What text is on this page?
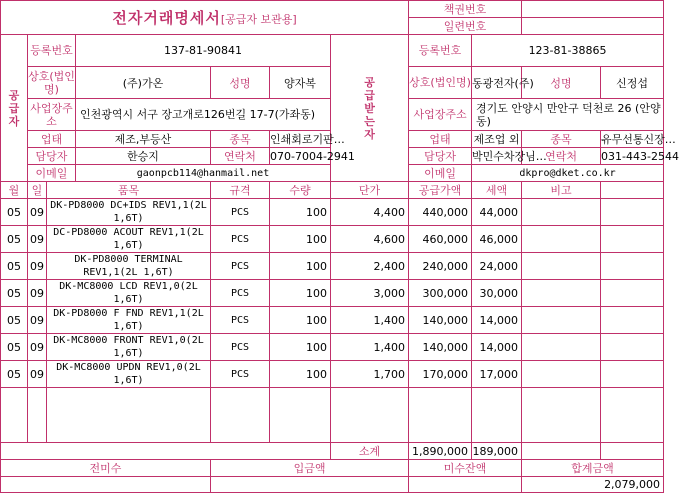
전자거래명세서[공급자 보관용]							책권번호			
							일련번호			
공급자	등록번호		137-81-90841			공급받는자	등록번호	123-81-38865		
	상호(법인명)		(주)가온	성명	양자복		상호(법인명)	동광전자(주)	성명	신정섭
	사업장주소		인천광역시 서구 장고개로126번길 17-7(가좌동)				사업장주소	경기도 안양시 만안구 덕천로 26 (안양동)		
	업태		제조,부등산	종목	인쇄회로기판…		업태	제조업 외	종목	유무선통신장…
	담당자		한승지	연락처	070-7004-2941		담당자	박민수차장님…	연락처	031-443-2544
	이메일		gaonpcb114@hanmail.net				이메일	dkpro@dket.co.kr		
월	일	품목		규격	수량	단가	공급가액	세액	비고	
05	09	DK-PD8000 DC+IDS REV1,1(2L 1,6T)		PCS	100	4,400	440,000	44,000		
05	09	DC-PD8000 ACOUT REV1,1(2L 1,6T)		PCS	100	4,600	460,000	46,000		
05	09	DK-PD8000 TERMINAL REV1,1(2L 1,6T)		PCS	100	2,400	240,000	24,000		
05	09	DK-MC8000 LCD REV1,0(2L 1,6T)		PCS	100	3,000	300,000	30,000		
05	09	DK-PD8000 F FND REV1,1(2L 1,6T)		PCS	100	1,400	140,000	14,000		
05	09	DK-MC8000 FRONT REV1,0(2L 1,6T)		PCS	100	1,400	140,000	14,000		
05	09	DK-MC8000 UPDN REV1,0(2L 1,6T)		PCS	100	1,700	170,000	17,000		

						소계	1,890,000	189,000		
전미수				입금액			미수잔액		합계금액	
									2,079,000	
